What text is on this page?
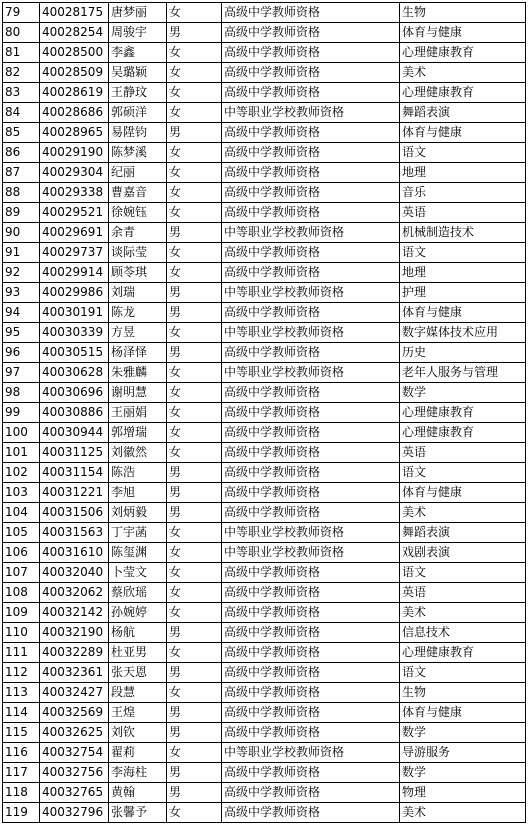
79	40028175	唐梦丽	女	高级中学教师资格	生物
80	40028254	周骏宇	男	高级中学教师资格	体育与健康
81	40028500	李鑫	女	高级中学教师资格	心理健康教育
82	40028509	吴璐颖	女	高级中学教师资格	美术
83	40028619	王静玟	女	高级中学教师资格	心理健康教育
84	40028686	郭硕洋	女	中等职业学校教师资格	舞蹈表演
85	40028965	易陞钧	男	高级中学教师资格	体育与健康
86	40029190	陈梦溪	女	高级中学教师资格	语文
87	40029304	纪丽	女	高级中学教师资格	地理
88	40029338	曹嘉音	女	高级中学教师资格	音乐
89	40029521	徐婉钰	女	高级中学教师资格	英语
90	40029691	余青	男	中等职业学校教师资格	机械制造技术
91	40029737	谈际莹	女	高级中学教师资格	语文
92	40029914	顾苓琪	女	高级中学教师资格	地理
93	40029986	刘瑞	男	中等职业学校教师资格	护理
94	40030191	陈龙	男	高级中学教师资格	体育与健康
95	40030339	方昱	女	中等职业学校教师资格	数字媒体技术应用
96	40030515	杨泽怿	男	高级中学教师资格	历史
97	40030628	朱雅麟	女	中等职业学校教师资格	老年人服务与管理
98	40030696	谢明慧	女	高级中学教师资格	数学
99	40030886	王丽娟	女	高级中学教师资格	心理健康教育
100	40030944	郭增瑞	女	高级中学教师资格	心理健康教育
101	40031125	刘徽然	女	高级中学教师资格	英语
102	40031154	陈浩	男	高级中学教师资格	语文
103	40031221	李旭	男	高级中学教师资格	体育与健康
104	40031506	刘炳毅	男	高级中学教师资格	美术
105	40031563	丁宇菡	女	中等职业学校教师资格	舞蹈表演
106	40031610	陈玺渊	女	中等职业学校教师资格	戏剧表演
107	40032040	卜莹文	女	高级中学教师资格	语文
108	40032062	蔡欣瑶	女	高级中学教师资格	英语
109	40032142	孙婉婷	女	高级中学教师资格	美术
110	40032190	杨航	男	高级中学教师资格	信息技术
111	40032289	杜亚男	女	高级中学教师资格	心理健康教育
112	40032361	张天恩	男	高级中学教师资格	语文
113	40032427	段慧	女	高级中学教师资格	生物
114	40032569	王煌	男	高级中学教师资格	体育与健康
115	40032625	刘钦	男	高级中学教师资格	数学
116	40032754	翟莉	女	中等职业学校教师资格	导游服务
117	40032756	李海柱	男	高级中学教师资格	数学
118	40032765	黄翰	男	高级中学教师资格	物理
119	40032796	张馨予	女	高级中学教师资格	美术
